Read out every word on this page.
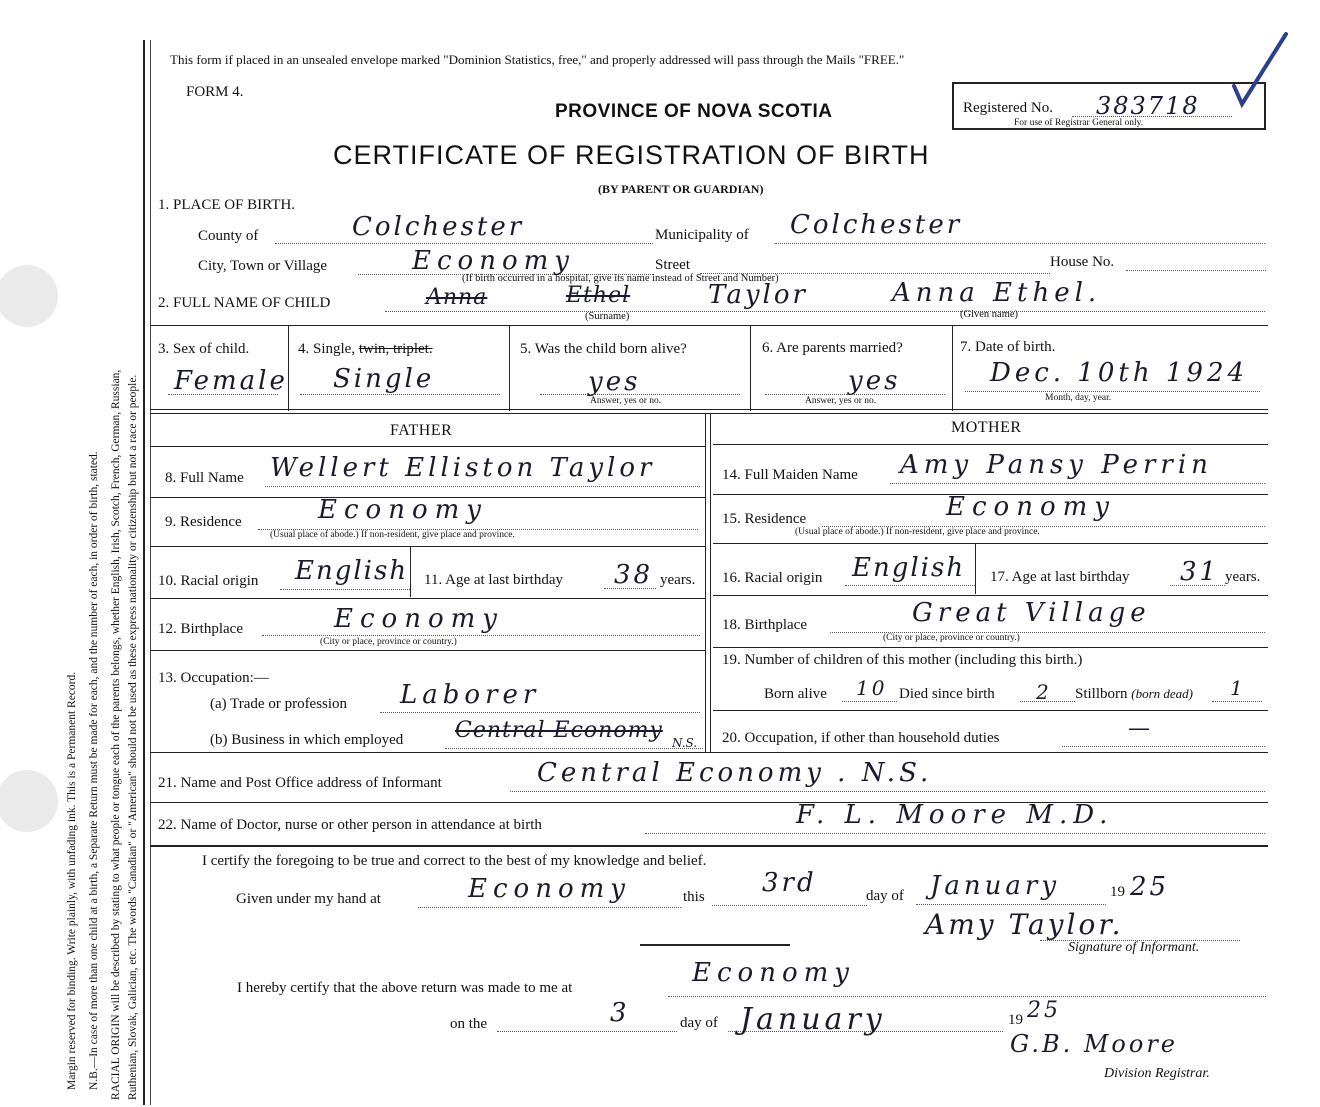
Margin reserved for binding. Write plainly, with unfading ink. This is a Permanent Record. N.B.—In case of more than one child at a birth, a Separate Return must be made for each, and the number of each, in order of birth, stated. RACIAL ORIGIN will be described by stating to what people or tongue each of the parents belongs, whether English, Irish, Scotch, French, German, Russian, Ruthenian, Slovak, Galician, etc. The words "Canadian" or "American" should not be used as these express nationality or citizenship but not a race or people.
This form if placed in an unsealed envelope marked "Dominion Statistics, free," and properly addressed will pass through the Mails "FREE."
FORM 4.
PROVINCE OF NOVA SCOTIA
CERTIFICATE OF REGISTRATION OF BIRTH
(BY PARENT OR GUARDIAN)
Registered No. 383718
For use of Registrar General only.
1. PLACE OF BIRTH.
County of	Colchester	Municipality of Colchester
City, Town or Village	Economy	Street	House No.
(If birth occurred in a hospital, give its name instead of Street and Number)
2. FULL NAME OF CHILD	Anna	Ethel	Taylor	Anna Ethel.
(Surname)	(Given name)
3. Sex of child.
Female
4. Single, twin, triplet.
Single
5. Was the child born alive?
yes
Answer, yes or no.
6. Are parents married?
yes
Answer, yes or no.
7. Date of birth.
Dec. 10th 1924
Month, day, year.
FATHER	MOTHER
8. Full Name Wellert Elliston Taylor
9. Residence	Economy
(Usual place of abode.) If non-resident, give place and province.
10. Racial origin English 11. Age at last birthday 38 years.
12. Birthplace	Economy
(City or place, province or country.)
13. Occupation:—
(a) Trade or profession Laborer
(b) Business in which employed Central Economy N.S.
14. Full Maiden Name Amy Pansy Perrin
15. Residence	Economy
(Usual place of abode.) If non-resident, give place and province.
16. Racial origin English 17. Age at last birthday 31 years.
18. Birthplace	Great Village
(City or place, province or country.)
19. Number of children of this mother (including this birth.)
Born alive 10 Died since birth 2 Stillborn (born dead) 1
20. Occupation, if other than household duties	—
21. Name and Post Office address of Informant	Central Economy . N.S.
22. Name of Doctor, nurse or other person in attendance at birth	F. L. Moore M.D.
I certify the foregoing to be true and correct to the best of my knowledge and belief.
Given under my hand at	Economy	this 3rd	day of January	19 25
Amy Taylor.
Signature of Informant.
I hereby certify that the above return was made to me at	Economy
on the	3	day of January	19 25
G.B. Moore
Division Registrar.
